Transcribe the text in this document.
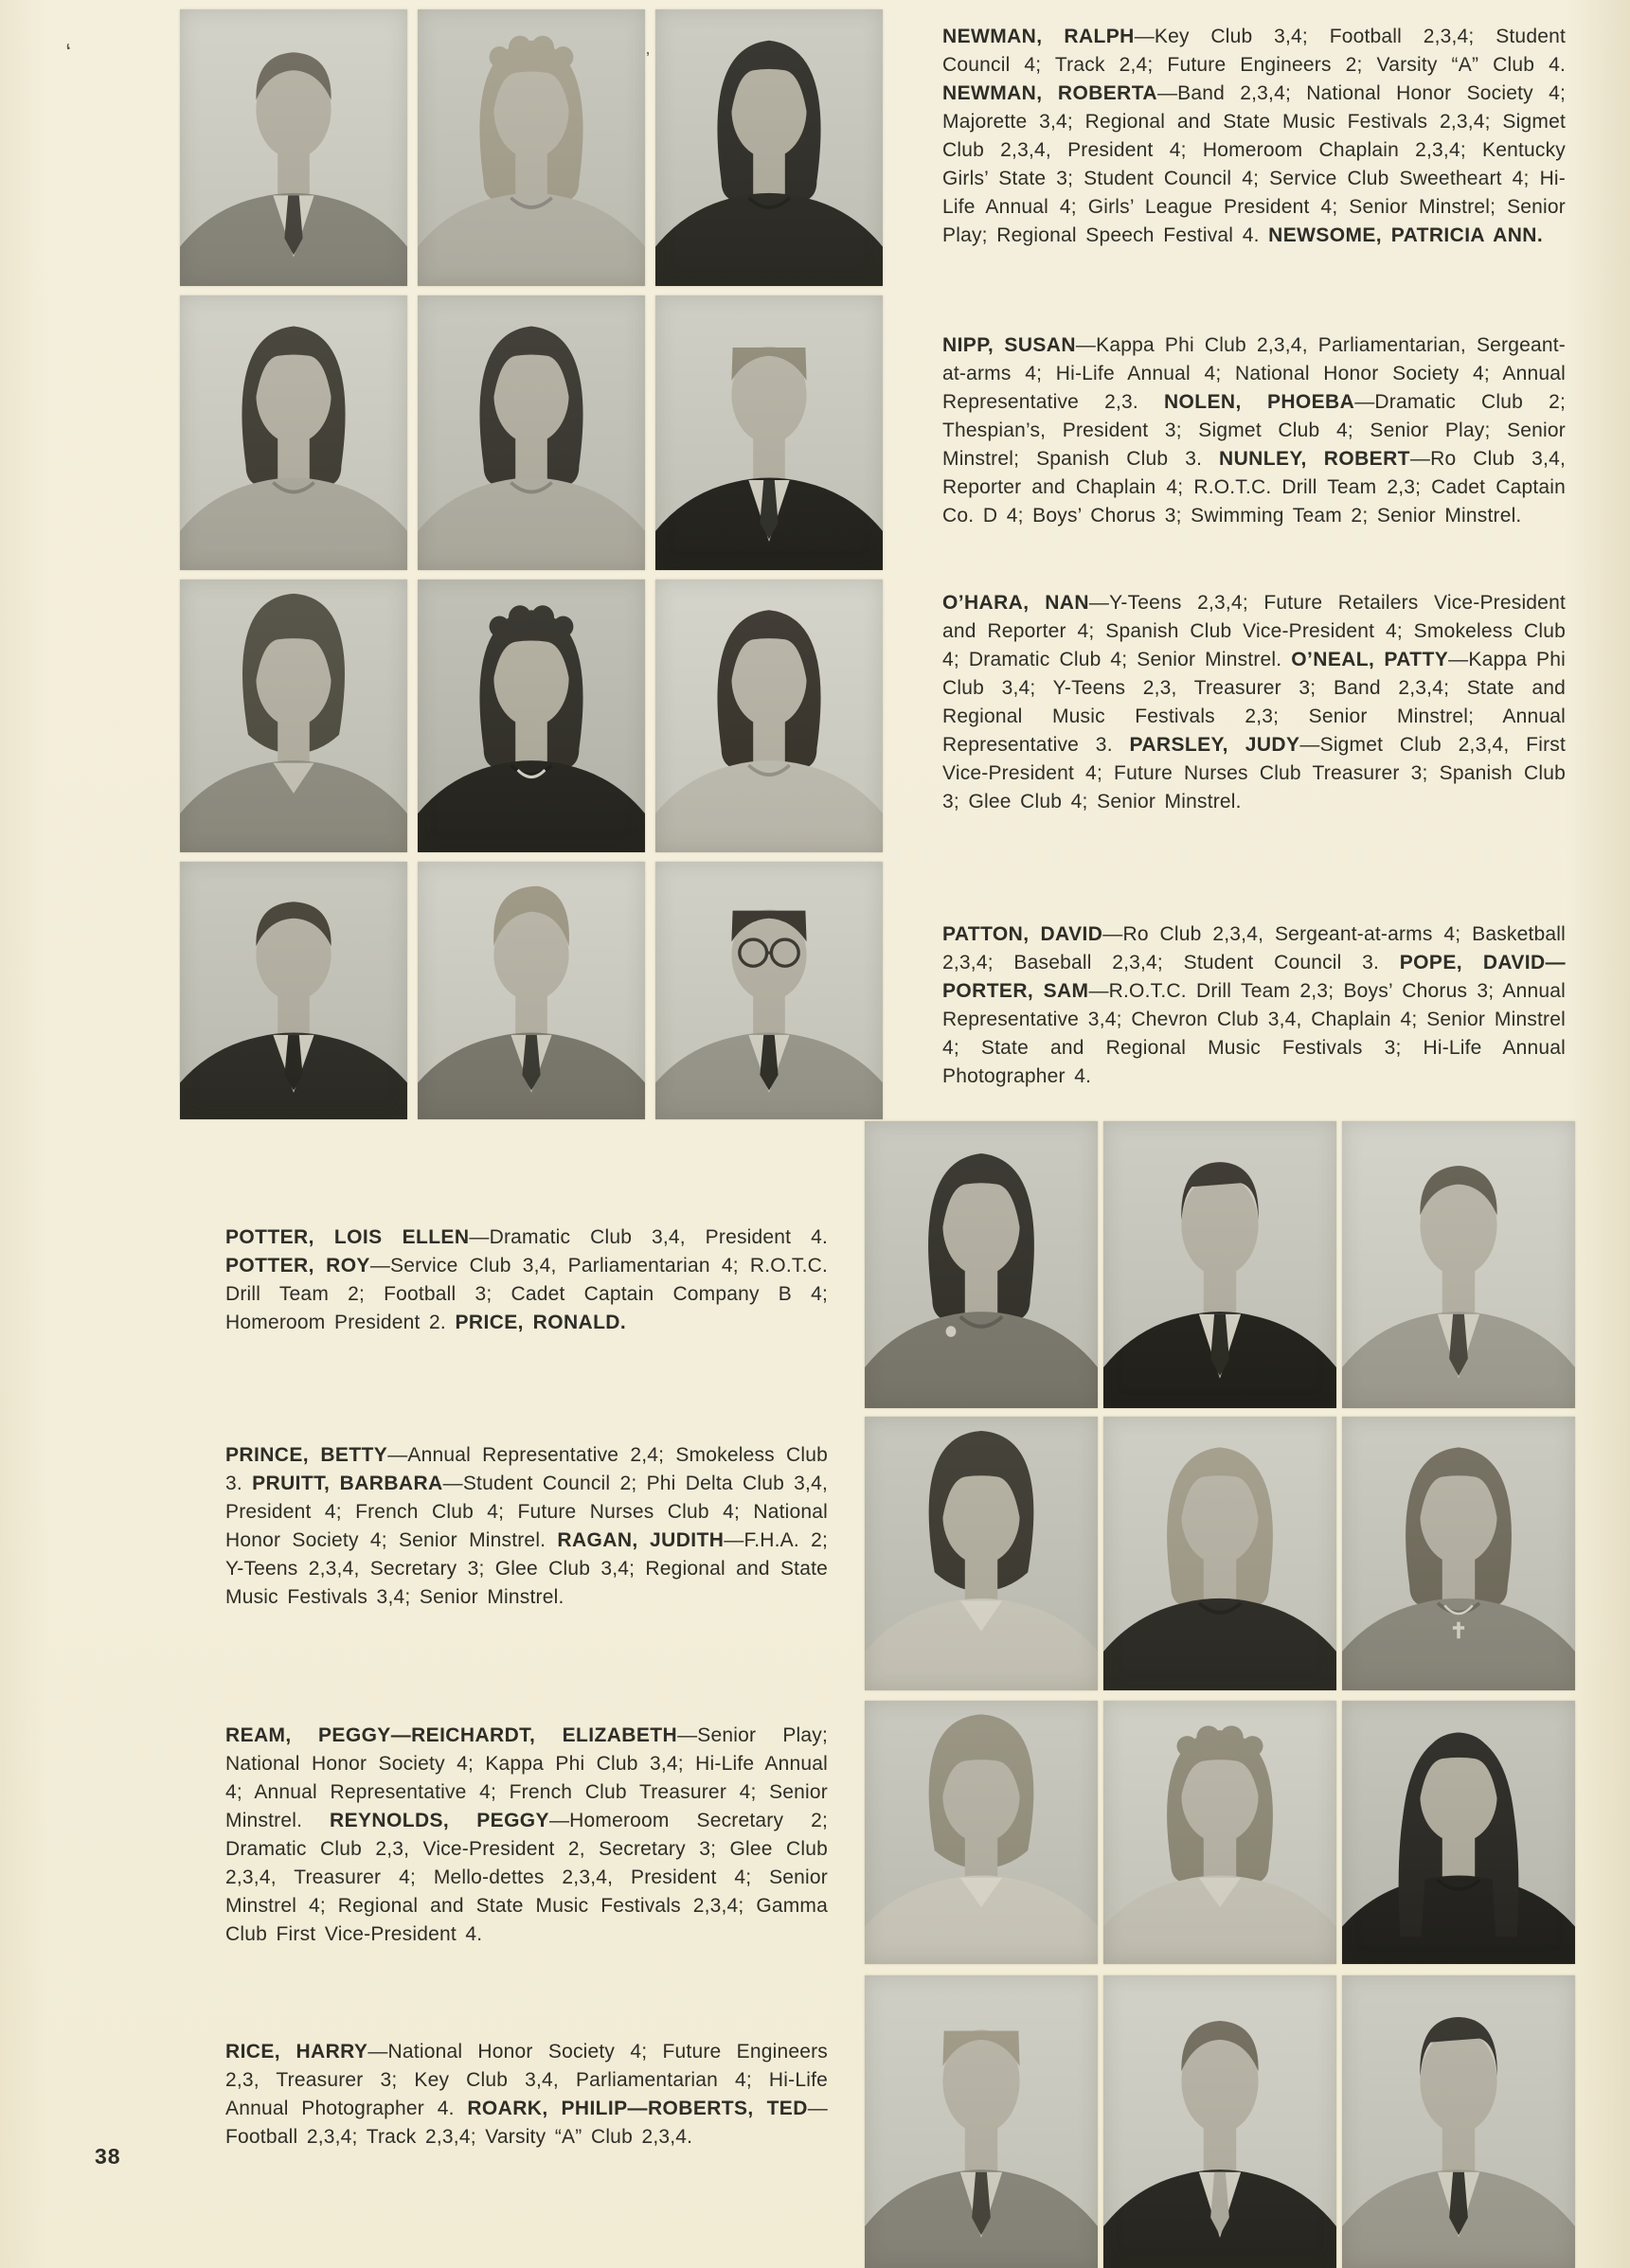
‘	’
NEWMAN, RALPH—Key Club 3,4; Football 2,3,4; Student Council 4; Track 2,4; Future Engineers 2; Varsity “A” Club 4. NEWMAN, ROBERTA—Band 2,3,4; National Honor Society 4; Majorette 3,4; Regional and State Music Festivals 2,3,4; Sigmet Club 2,3,4, President 4; Homeroom Chaplain 2,3,4; Kentucky Girls’ State 3; Student Council 4; Service Club Sweetheart 4; Hi-Life Annual 4; Girls’ League President 4; Senior Minstrel; Senior Play; Regional Speech Festival 4. NEWSOME, PATRICIA ANN.
NIPP, SUSAN—Kappa Phi Club 2,3,4, Parliamentarian, Sergeant-at-arms 4; Hi-Life Annual 4; National Honor Society 4; Annual Representative 2,3. NOLEN, PHOEBA—Dramatic Club 2; Thespian’s, President 3; Sigmet Club 4; Senior Play; Senior Minstrel; Spanish Club 3. NUNLEY, ROBERT—Ro Club 3,4, Reporter and Chaplain 4; R.O.T.C. Drill Team 2,3; Cadet Captain Co. D 4; Boys’ Chorus 3; Swimming Team 2; Senior Minstrel.
O’HARA, NAN—Y-Teens 2,3,4; Future Retailers Vice-President and Reporter 4; Spanish Club Vice-President 4; Smokeless Club 4; Dramatic Club 4; Senior Minstrel. O’NEAL, PATTY—Kappa Phi Club 3,4; Y-Teens 2,3, Treasurer 3; Band 2,3,4; State and Regional Music Festivals 2,3; Senior Minstrel; Annual Representative 3. PARSLEY, JUDY—Sigmet Club 2,3,4, First Vice-President 4; Future Nurses Club Treasurer 3; Spanish Club 3; Glee Club 4; Senior Minstrel.
PATTON, DAVID—Ro Club 2,3,4, Sergeant-at-arms 4; Basketball 2,3,4; Baseball 2,3,4; Student Council 3. POPE, DAVID—PORTER, SAM—R.O.T.C. Drill Team 2,3; Boys’ Chorus 3; Annual Representative 3,4; Chevron Club 3,4, Chaplain 4; Senior Minstrel 4; State and Regional Music Festivals 3; Hi-Life Annual Photographer 4.
POTTER, LOIS ELLEN—Dramatic Club 3,4, President 4. POTTER, ROY—Service Club 3,4, Parliamentarian 4; R.O.T.C. Drill Team 2; Football 3; Cadet Captain Company B 4; Homeroom President 2. PRICE, RONALD.
PRINCE, BETTY—Annual Representative 2,4; Smokeless Club 3. PRUITT, BARBARA—Student Council 2; Phi Delta Club 3,4, President 4; French Club 4; Future Nurses Club 4; National Honor Society 4; Senior Minstrel. RAGAN, JUDITH—F.H.A. 2; Y-Teens 2,3,4, Secretary 3; Glee Club 3,4; Regional and State Music Festivals 3,4; Senior Minstrel.
REAM, PEGGY—REICHARDT, ELIZABETH—Senior Play; National Honor Society 4; Kappa Phi Club 3,4; Hi-Life Annual 4; Annual Representative 4; French Club Treasurer 4; Senior Minstrel. REYNOLDS, PEGGY—Homeroom Secretary 2; Dramatic Club 2,3, Vice-President 2, Secretary 3; Glee Club 2,3,4, Treasurer 4; Mello-dettes 2,3,4, President 4; Senior Minstrel 4; Regional and State Music Festivals 2,3,4; Gamma Club First Vice-President 4.
RICE, HARRY—National Honor Society 4; Future Engineers 2,3, Treasurer 3; Key Club 3,4, Parliamentarian 4; Hi-Life Annual Photographer 4. ROARK, PHILIP—ROBERTS, TED—Football 2,3,4; Track 2,3,4; Varsity “A” Club 2,3,4.
38
